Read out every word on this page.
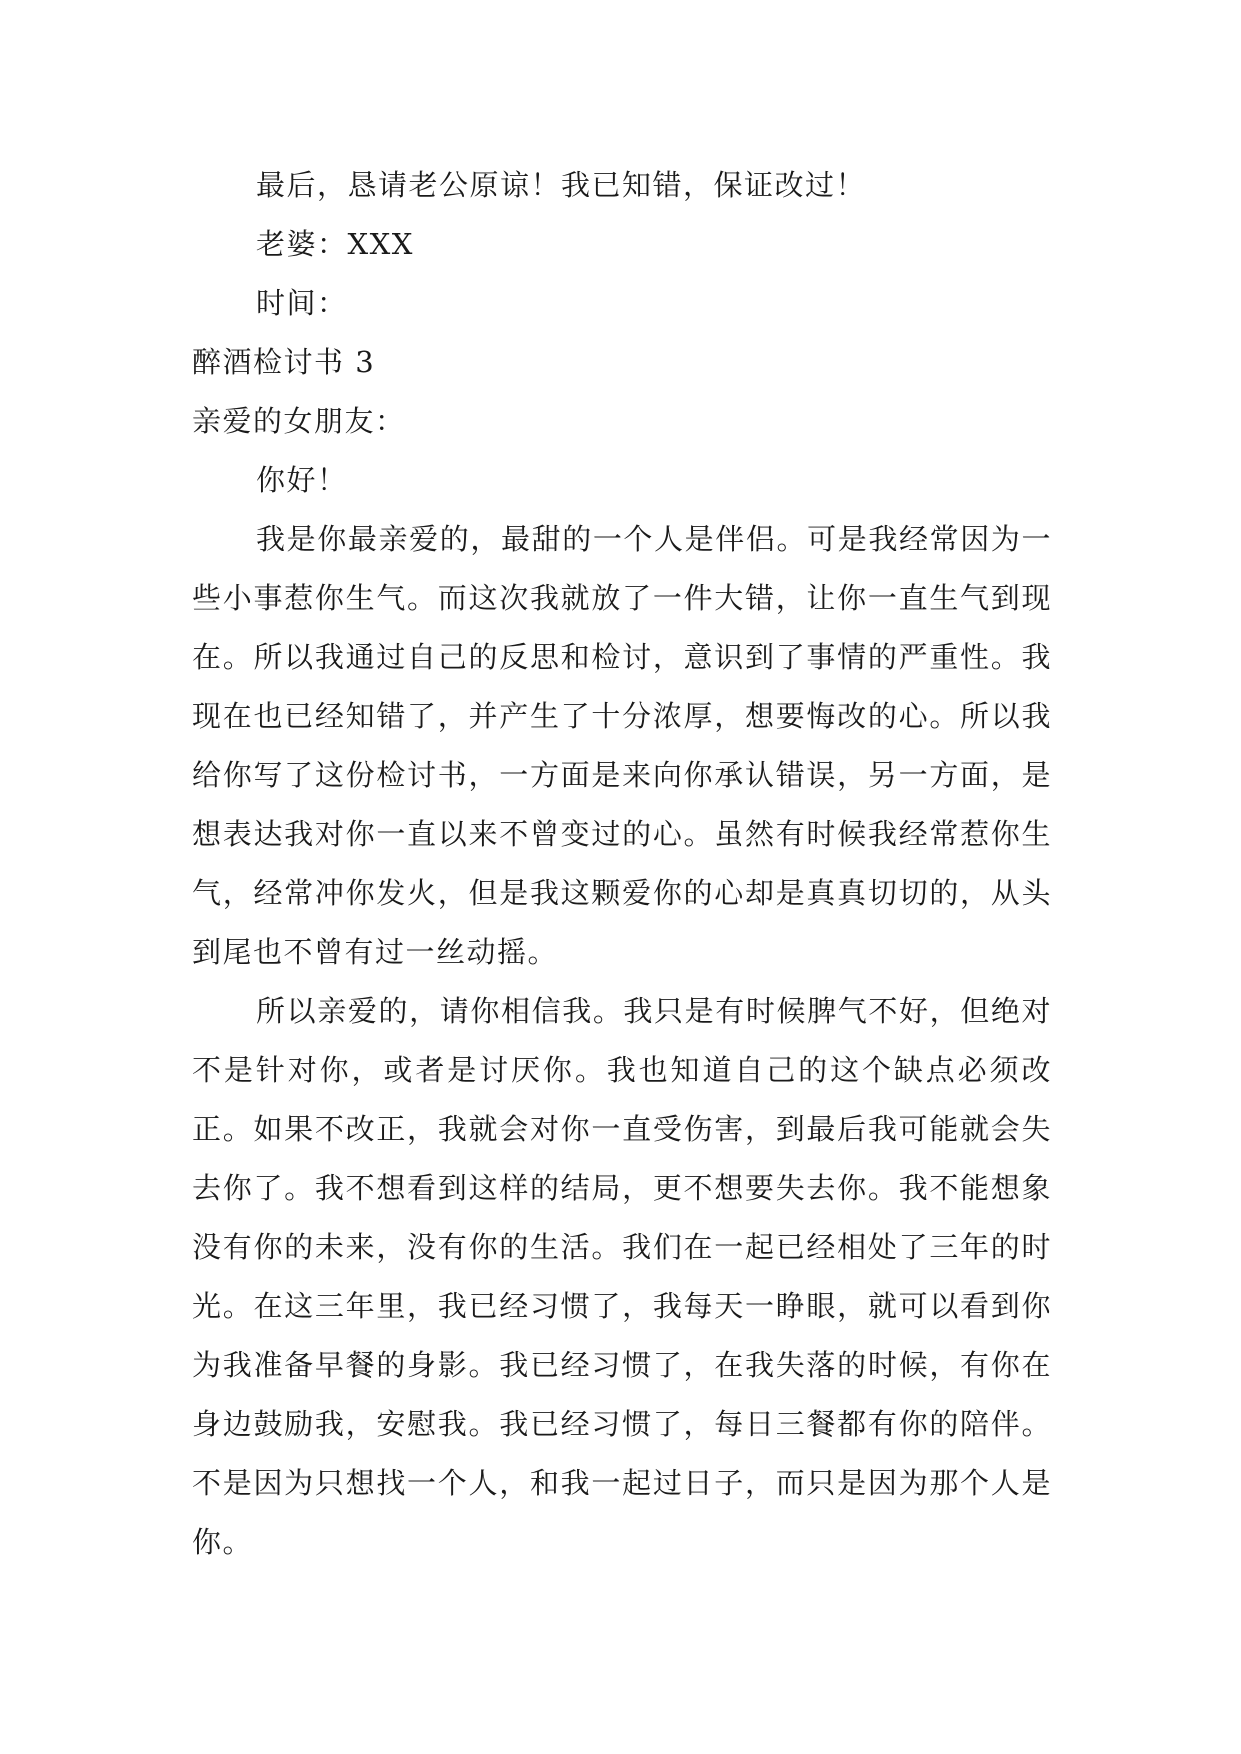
最后，恳请老公原谅！我已知错，保证改过！

老婆：XXX

时间：

醉酒检讨书 3

亲爱的女朋友：

你好！

我是你最亲爱的，最甜的一个人是伴侣。可是我经常因为一些小事惹你生气。而这次我就放了一件大错，让你一直生气到现在。所以我通过自己的反思和检讨，意识到了事情的严重性。我现在也已经知错了，并产生了十分浓厚，想要悔改的心。所以我给你写了这份检讨书，一方面是来向你承认错误，另一方面，是想表达我对你一直以来不曾变过的心。虽然有时候我经常惹你生气，经常冲你发火，但是我这颗爱你的心却是真真切切的，从头到尾也不曾有过一丝动摇。

所以亲爱的，请你相信我。我只是有时候脾气不好，但绝对不是针对你，或者是讨厌你。我也知道自己的这个缺点必须改正。如果不改正，我就会对你一直受伤害，到最后我可能就会失去你了。我不想看到这样的结局，更不想要失去你。我不能想象没有你的未来，没有你的生活。我们在一起已经相处了三年的时光。在这三年里，我已经习惯了，我每天一睁眼，就可以看到你为我准备早餐的身影。我已经习惯了，在我失落的时候，有你在身边鼓励我，安慰我。我已经习惯了，每日三餐都有你的陪伴。不是因为只想找一个人，和我一起过日子，而只是因为那个人是你。
